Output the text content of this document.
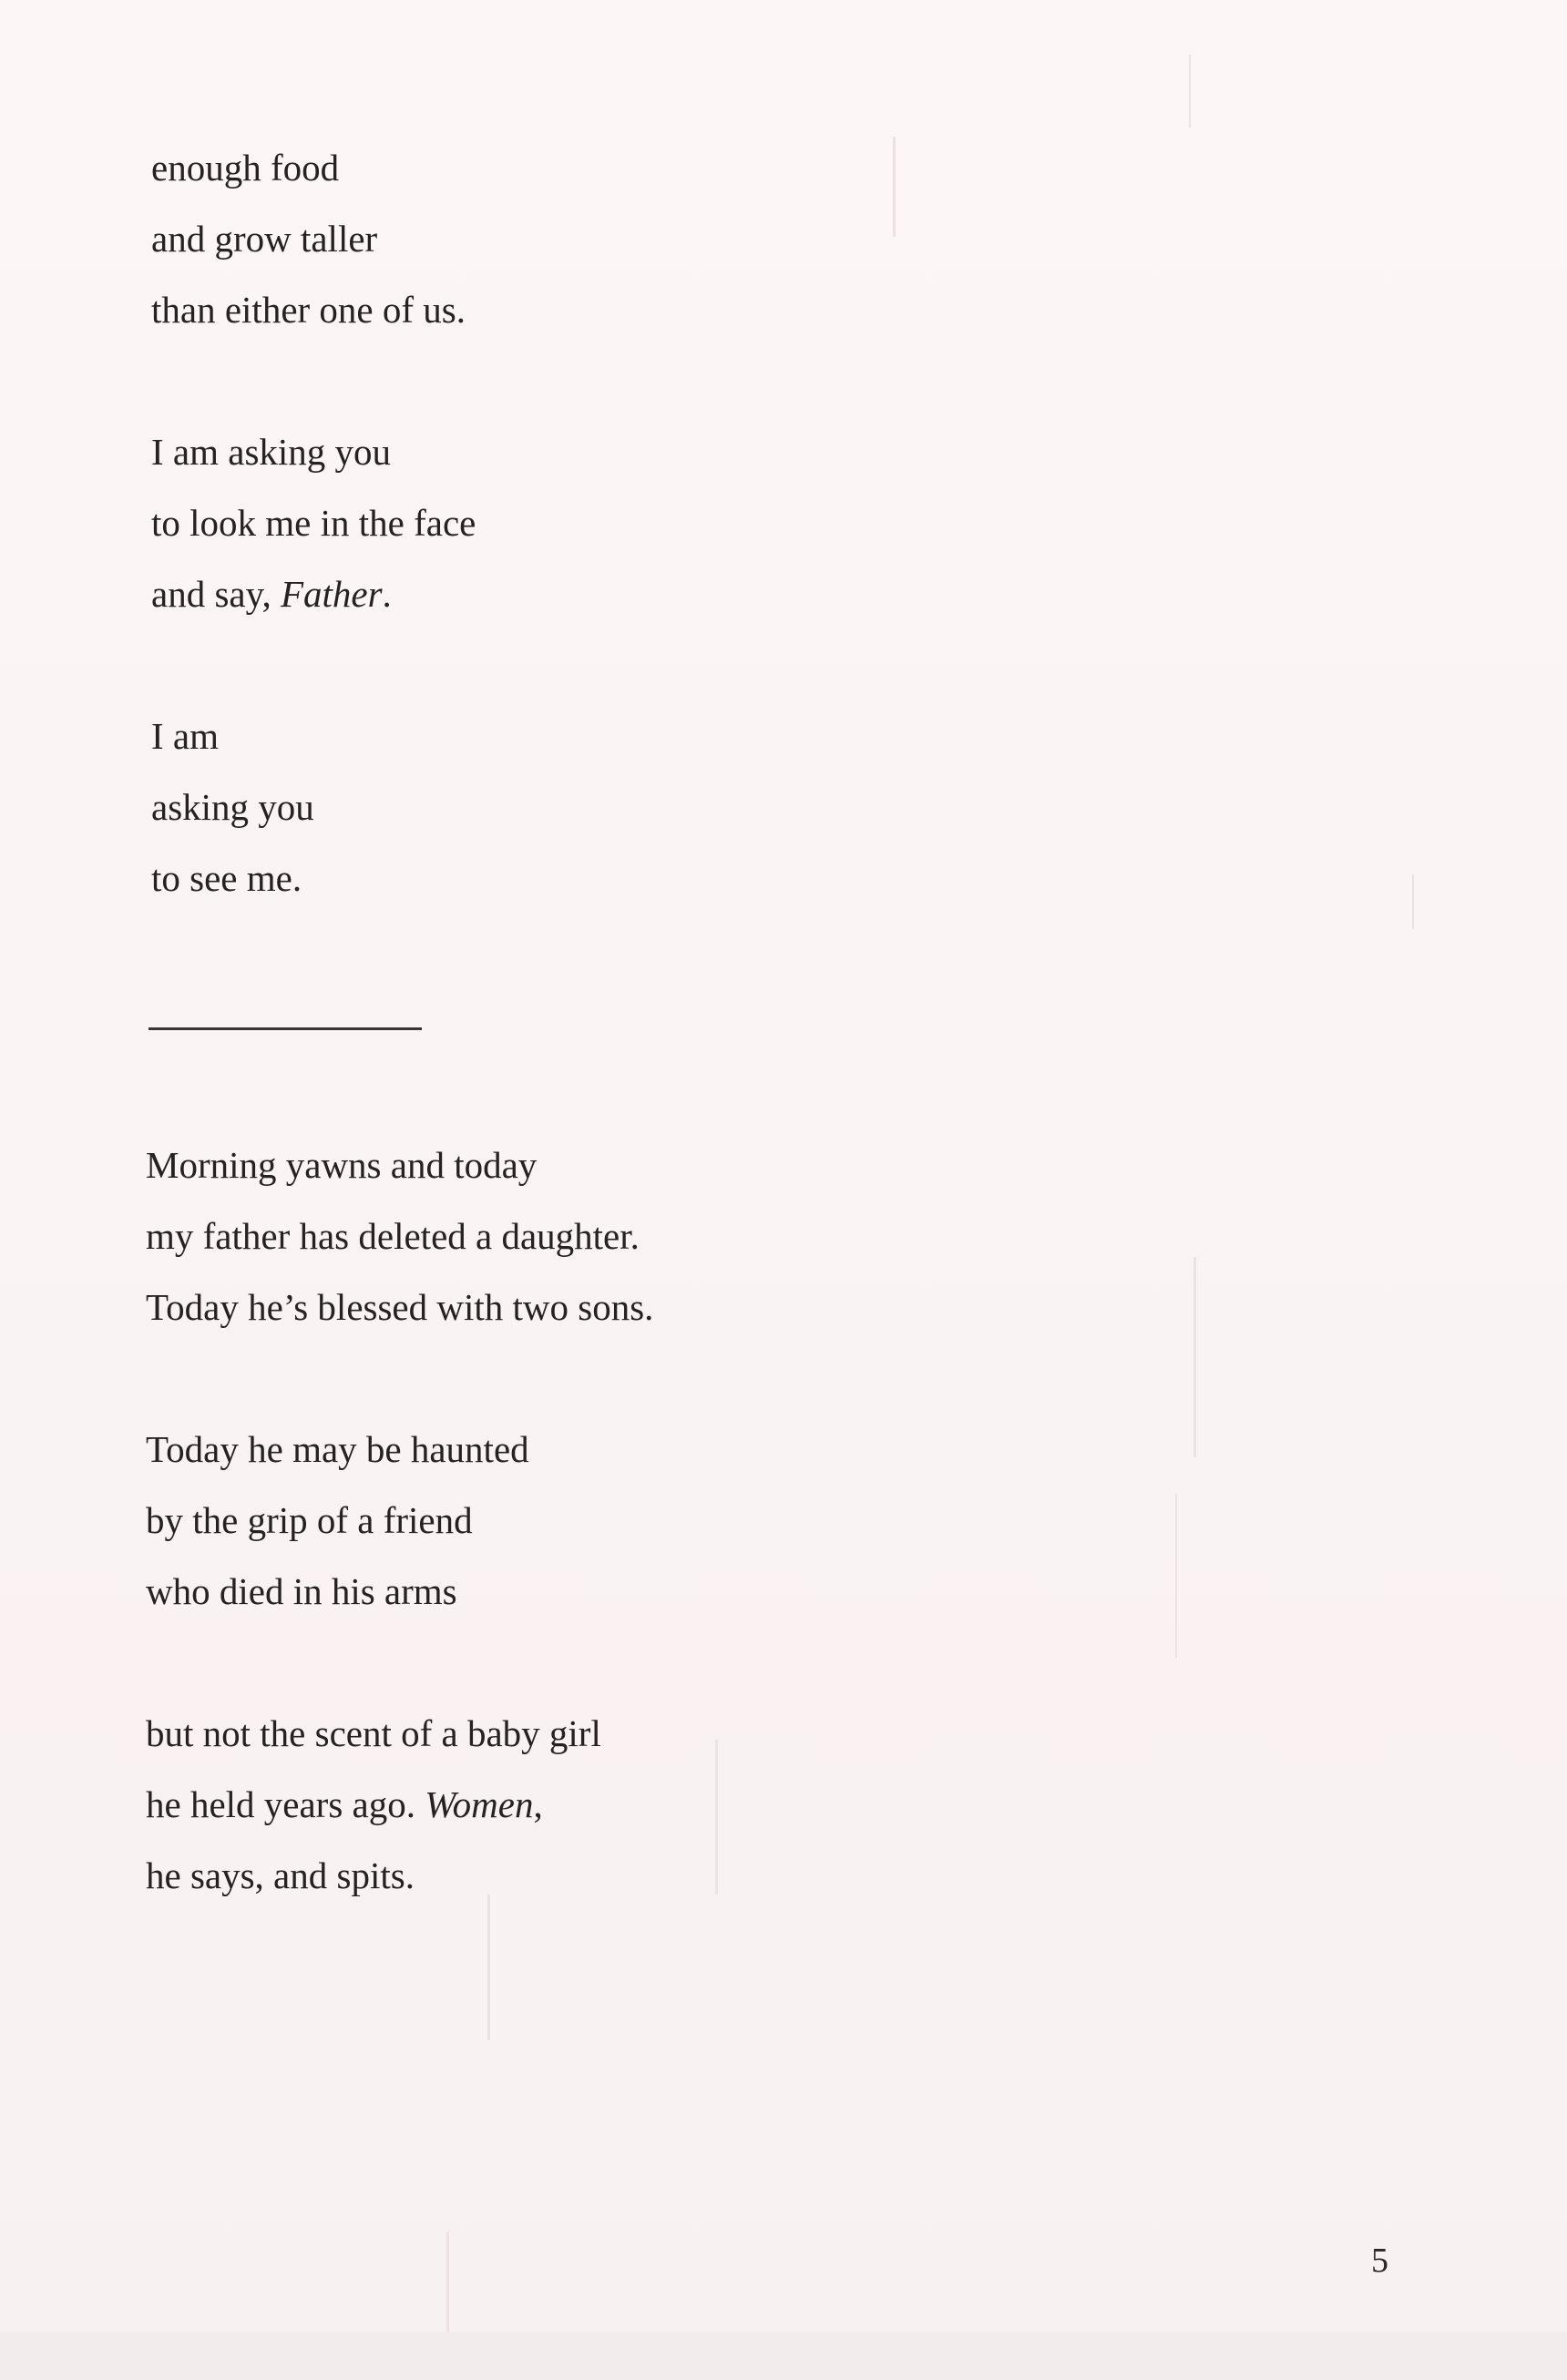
enough food
and grow taller
than either one of us.
I am asking you
to look me in the face
and say, Father.
I am
asking you
to see me.
Morning yawns and today
my father has deleted a daughter.
Today he’s blessed with two sons.
Today he may be haunted
by the grip of a friend
who died in his arms
but not the scent of a baby girl
he held years ago. Women,
he says, and spits.
5
